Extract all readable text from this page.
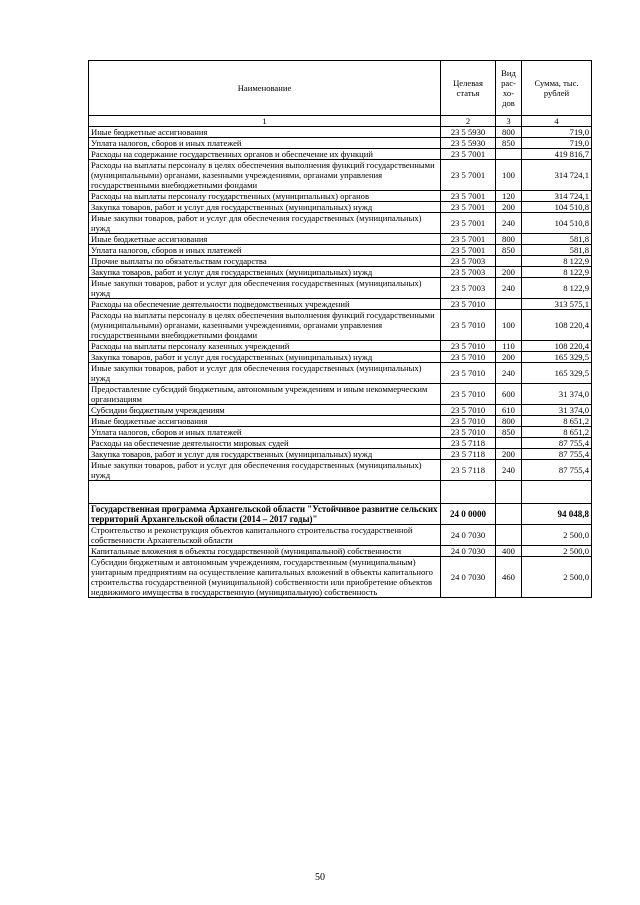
Наименование	Целевая статья	Вид рас-хо-дов	Сумма, тыс. рублей
1	2	3	4
Иные бюджетные ассигнования	23 5 5930	800	719,0
Уплата налогов, сборов и иных платежей	23 5 5930	850	719,0
Расходы на содержание государственных органов и обеспечение их функций	23 5 7001		419 816,7
Расходы на выплаты персоналу в целях обеспечения выполнения функций государственными (муниципальными) органами, казенными учреждениями, органами управления государственными внебюджетными фондами	23 5 7001	100	314 724,1
Расходы на выплаты персоналу государственных (муниципальных) органов	23 5 7001	120	314 724,1
Закупка товаров, работ и услуг для государственных (муниципальных) нужд	23 5 7001	200	104 510,8
Иные закупки товаров, работ и услуг для обеспечения государственных (муниципальных) нужд	23 5 7001	240	104 510,8
Иные бюджетные ассигнования	23 5 7001	800	581,8
Уплата налогов, сборов и иных платежей	23 5 7001	850	581,8
Прочие выплаты по обязательствам государства	23 5 7003		8 122,9
Закупка товаров, работ и услуг для государственных (муниципальных) нужд	23 5 7003	200	8 122,9
Иные закупки товаров, работ и услуг для обеспечения государственных (муниципальных) нужд	23 5 7003	240	8 122,9
Расходы на обеспечение деятельности подведомственных учреждений	23 5 7010		313 575,1
Расходы на выплаты персоналу в целях обеспечения выполнения функций государственными (муниципальными) органами, казенными учреждениями, органами управления государственными внебюджетными фондами	23 5 7010	100	108 220,4
Расходы на выплаты персоналу казенных учреждений	23 5 7010	110	108 220,4
Закупка товаров, работ и услуг для государственных (муниципальных) нужд	23 5 7010	200	165 329,5
Иные закупки товаров, работ и услуг для обеспечения государственных (муниципальных) нужд	23 5 7010	240	165 329,5
Предоставление субсидий бюджетным, автономным учреждениям и иным некоммерческим организациям	23 5 7010	600	31 374,0
Субсидии бюджетным учреждениям	23 5 7010	610	31 374,0
Иные бюджетные ассигнования	23 5 7010	800	8 651,2
Уплата налогов, сборов и иных платежей	23 5 7010	850	8 651,2
Расходы на обеспечение деятельности мировых судей	23 5 7118		87 755,4
Закупка товаров, работ и услуг для государственных (муниципальных) нужд	23 5 7118	200	87 755,4
Иные закупки товаров, работ и услуг для обеспечения государственных (муниципальных) нужд	23 5 7118	240	87 755,4

Государственная программа Архангельской области "Устойчивое развитие сельских территорий Архангельской области (2014 – 2017 годы)"	24 0 0000		94 048,8
Строительство и реконструкция объектов капитального строительства государственной собственности Архангельской области	24 0 7030		2 500,0
Капитальные вложения в объекты государственной (муниципальной) собственности	24 0 7030	400	2 500,0
Субсидии бюджетным и автономным учреждениям, государственным (муниципальным) унитарным предприятиям на осуществление капитальных вложений в объекты капитального строительства государственной (муниципальной) собственности или приобретение объектов недвижимого имущества в государственную (муниципальную) собственность	24 0 7030	460	2 500,0
50
